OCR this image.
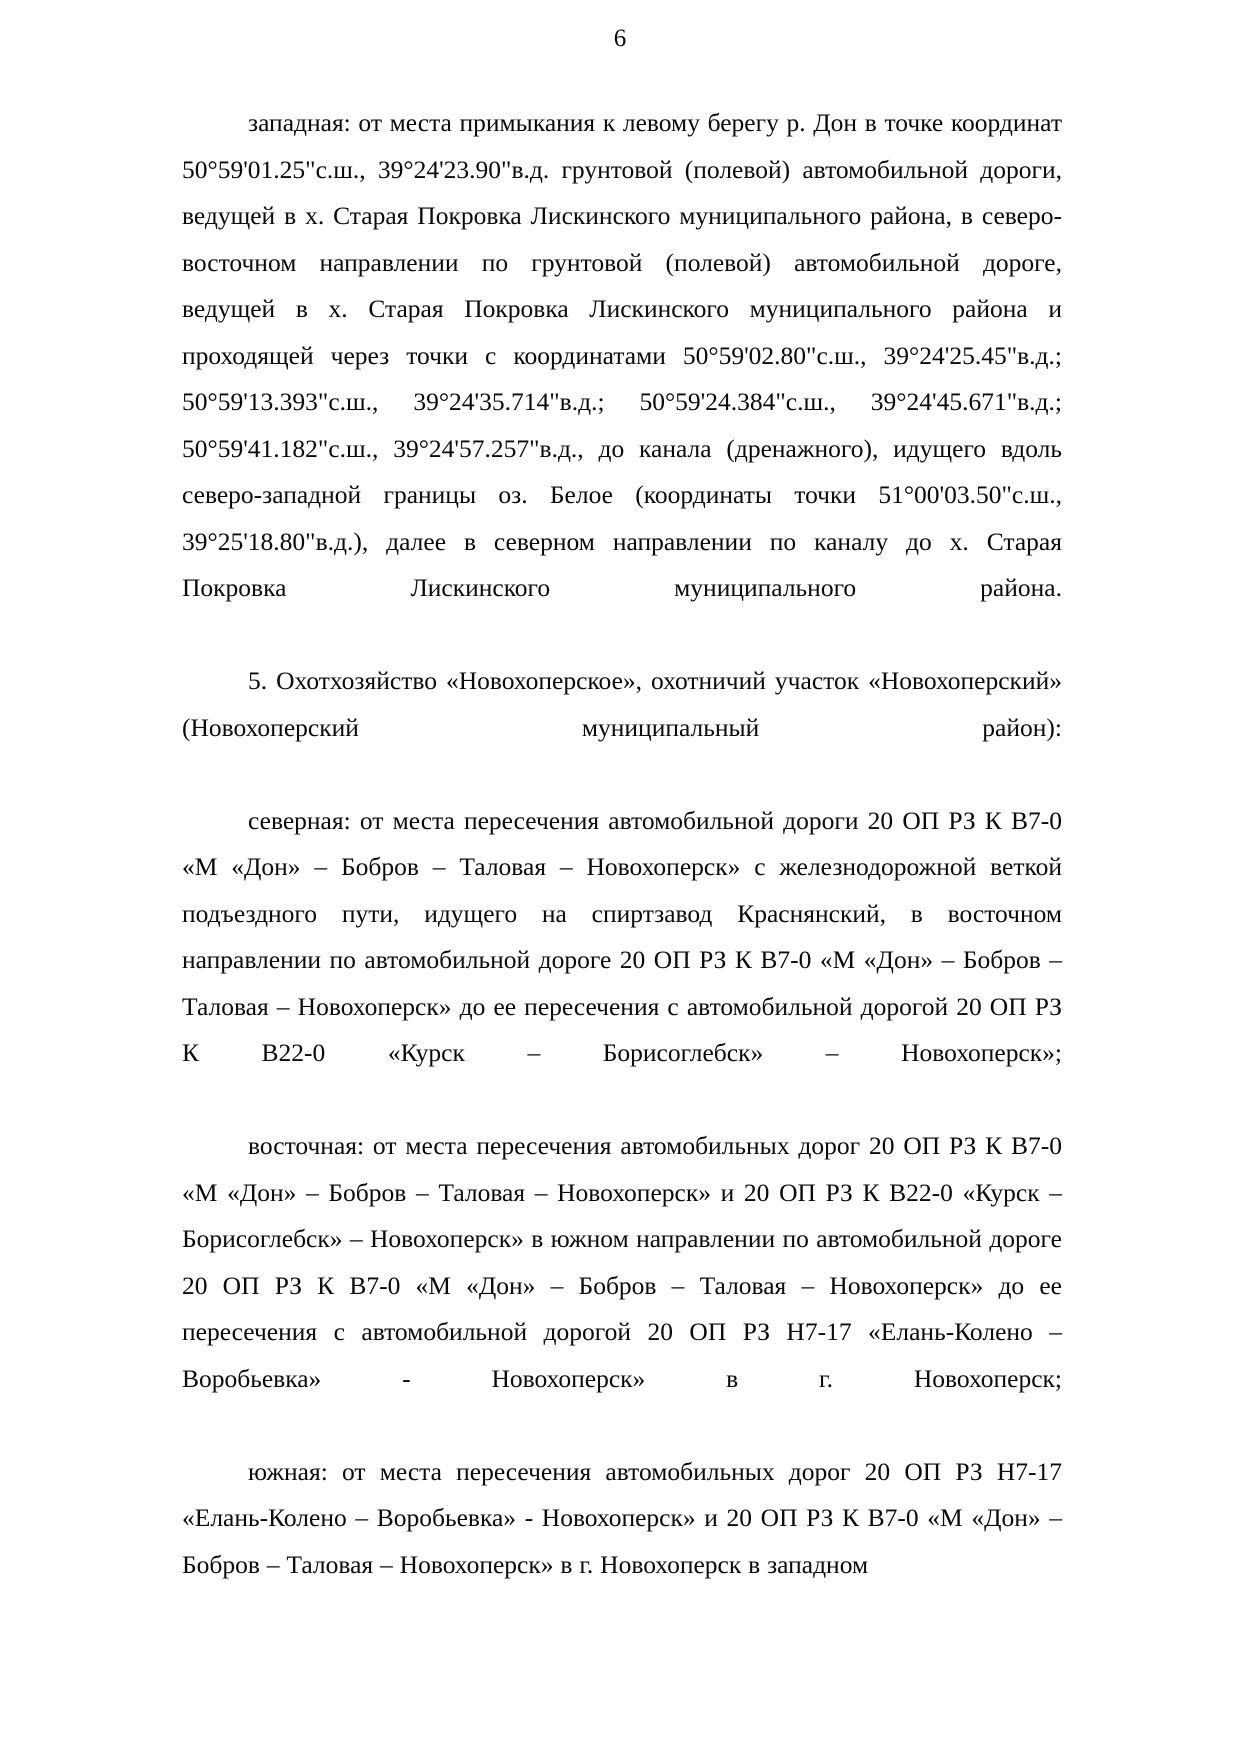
6

западная: от места примыкания к левому берегу р. Дон в точке координат 50°59'01.25"с.ш., 39°24'23.90"в.д. грунтовой (полевой) автомобильной дороги, ведущей в х. Старая Покровка Лискинского муниципального района, в северо-восточном направлении по грунтовой (полевой) автомобильной дороге, ведущей в х. Старая Покровка Лискинского муниципального района и проходящей через точки с координатами 50°59'02.80"с.ш., 39°24'25.45"в.д.; 50°59'13.393"с.ш., 39°24'35.714"в.д.; 50°59'24.384"с.ш., 39°24'45.671"в.д.; 50°59'41.182"с.ш., 39°24'57.257"в.д., до канала (дренажного), идущего вдоль северо-западной границы оз. Белое (координаты точки 51°00'03.50"с.ш., 39°25'18.80"в.д.), далее в северном направлении по каналу до х. Старая Покровка Лискинского муниципального района.

5. Охотхозяйство «Новохоперское», охотничий участок «Новохоперский» (Новохоперский муниципальный район):

северная: от места пересечения автомобильной дороги 20 ОП РЗ К В7-0 «М «Дон» – Бобров – Таловая – Новохоперск» с железнодорожной веткой подъездного пути, идущего на спиртзавод Краснянский, в восточном направлении по автомобильной дороге 20 ОП РЗ К В7-0 «М «Дон» – Бобров – Таловая – Новохоперск» до ее пересечения с автомобильной дорогой 20 ОП РЗ К В22-0 «Курск – Борисоглебск» – Новохоперск»;

восточная: от места пересечения автомобильных дорог 20 ОП РЗ К В7-0 «М «Дон» – Бобров – Таловая – Новохоперск» и 20 ОП РЗ К В22-0 «Курск – Борисоглебск» – Новохоперск» в южном направлении по автомобильной дороге 20 ОП РЗ К В7-0 «М «Дон» – Бобров – Таловая – Новохоперск» до ее пересечения с автомобильной дорогой 20 ОП РЗ Н7-17 «Елань-Колено – Воробьевка» - Новохоперск» в г. Новохоперск;

южная: от места пересечения автомобильных дорог 20 ОП РЗ Н7-17 «Елань-Колено – Воробьевка» - Новохоперск» и 20 ОП РЗ К В7-0 «М «Дон» – Бобров – Таловая – Новохоперск» в г. Новохоперск в западном
